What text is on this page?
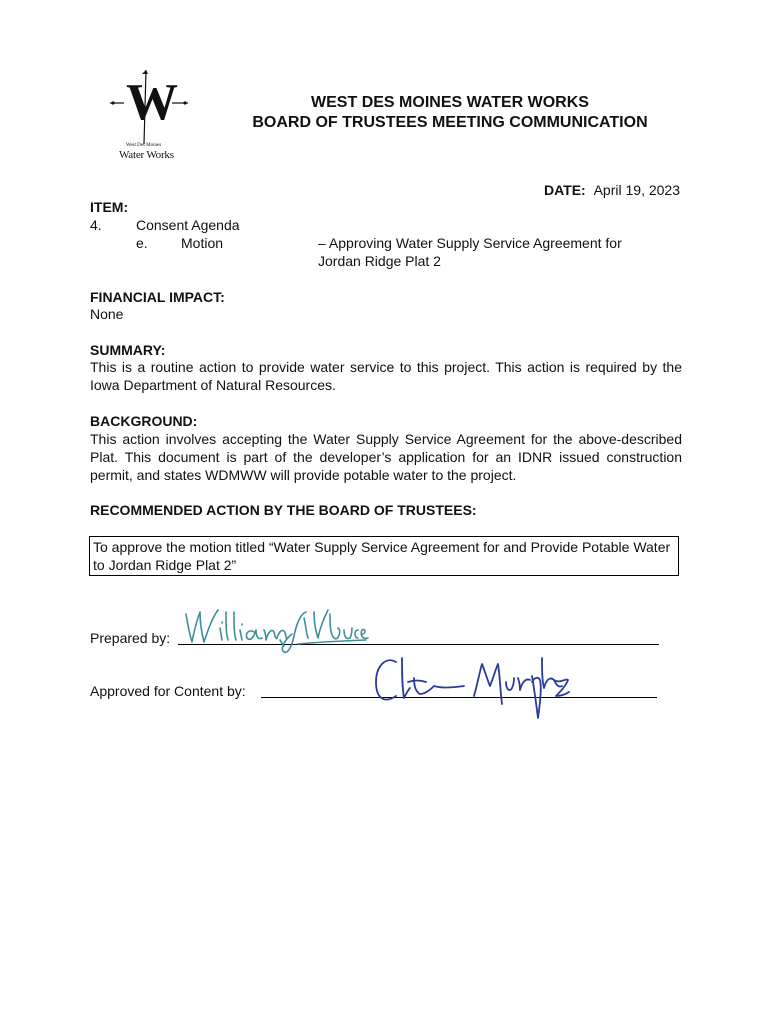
W
West Des Moines
Water Works
WEST DES MOINES WATER WORKS
BOARD OF TRUSTEES MEETING COMMUNICATION
DATE: April 19, 2023
ITEM:
4. Consent Agenda
e. Motion	– Approving Water Supply Service Agreement for
Jordan Ridge Plat 2
FINANCIAL IMPACT:
None
SUMMARY:
This is a routine action to provide water service to this project. This action is required by the Iowa Department of Natural Resources.
BACKGROUND:
This action involves accepting the Water Supply Service Agreement for the above-described Plat. This document is part of the developer’s application for an IDNR issued construction permit, and states WDMWW will provide potable water to the project.
RECOMMENDED ACTION BY THE BOARD OF TRUSTEES:
To approve the motion titled “Water Supply Service Agreement for and Provide Potable Water to Jordan Ridge Plat 2”
Prepared by:
Approved for Content by:
